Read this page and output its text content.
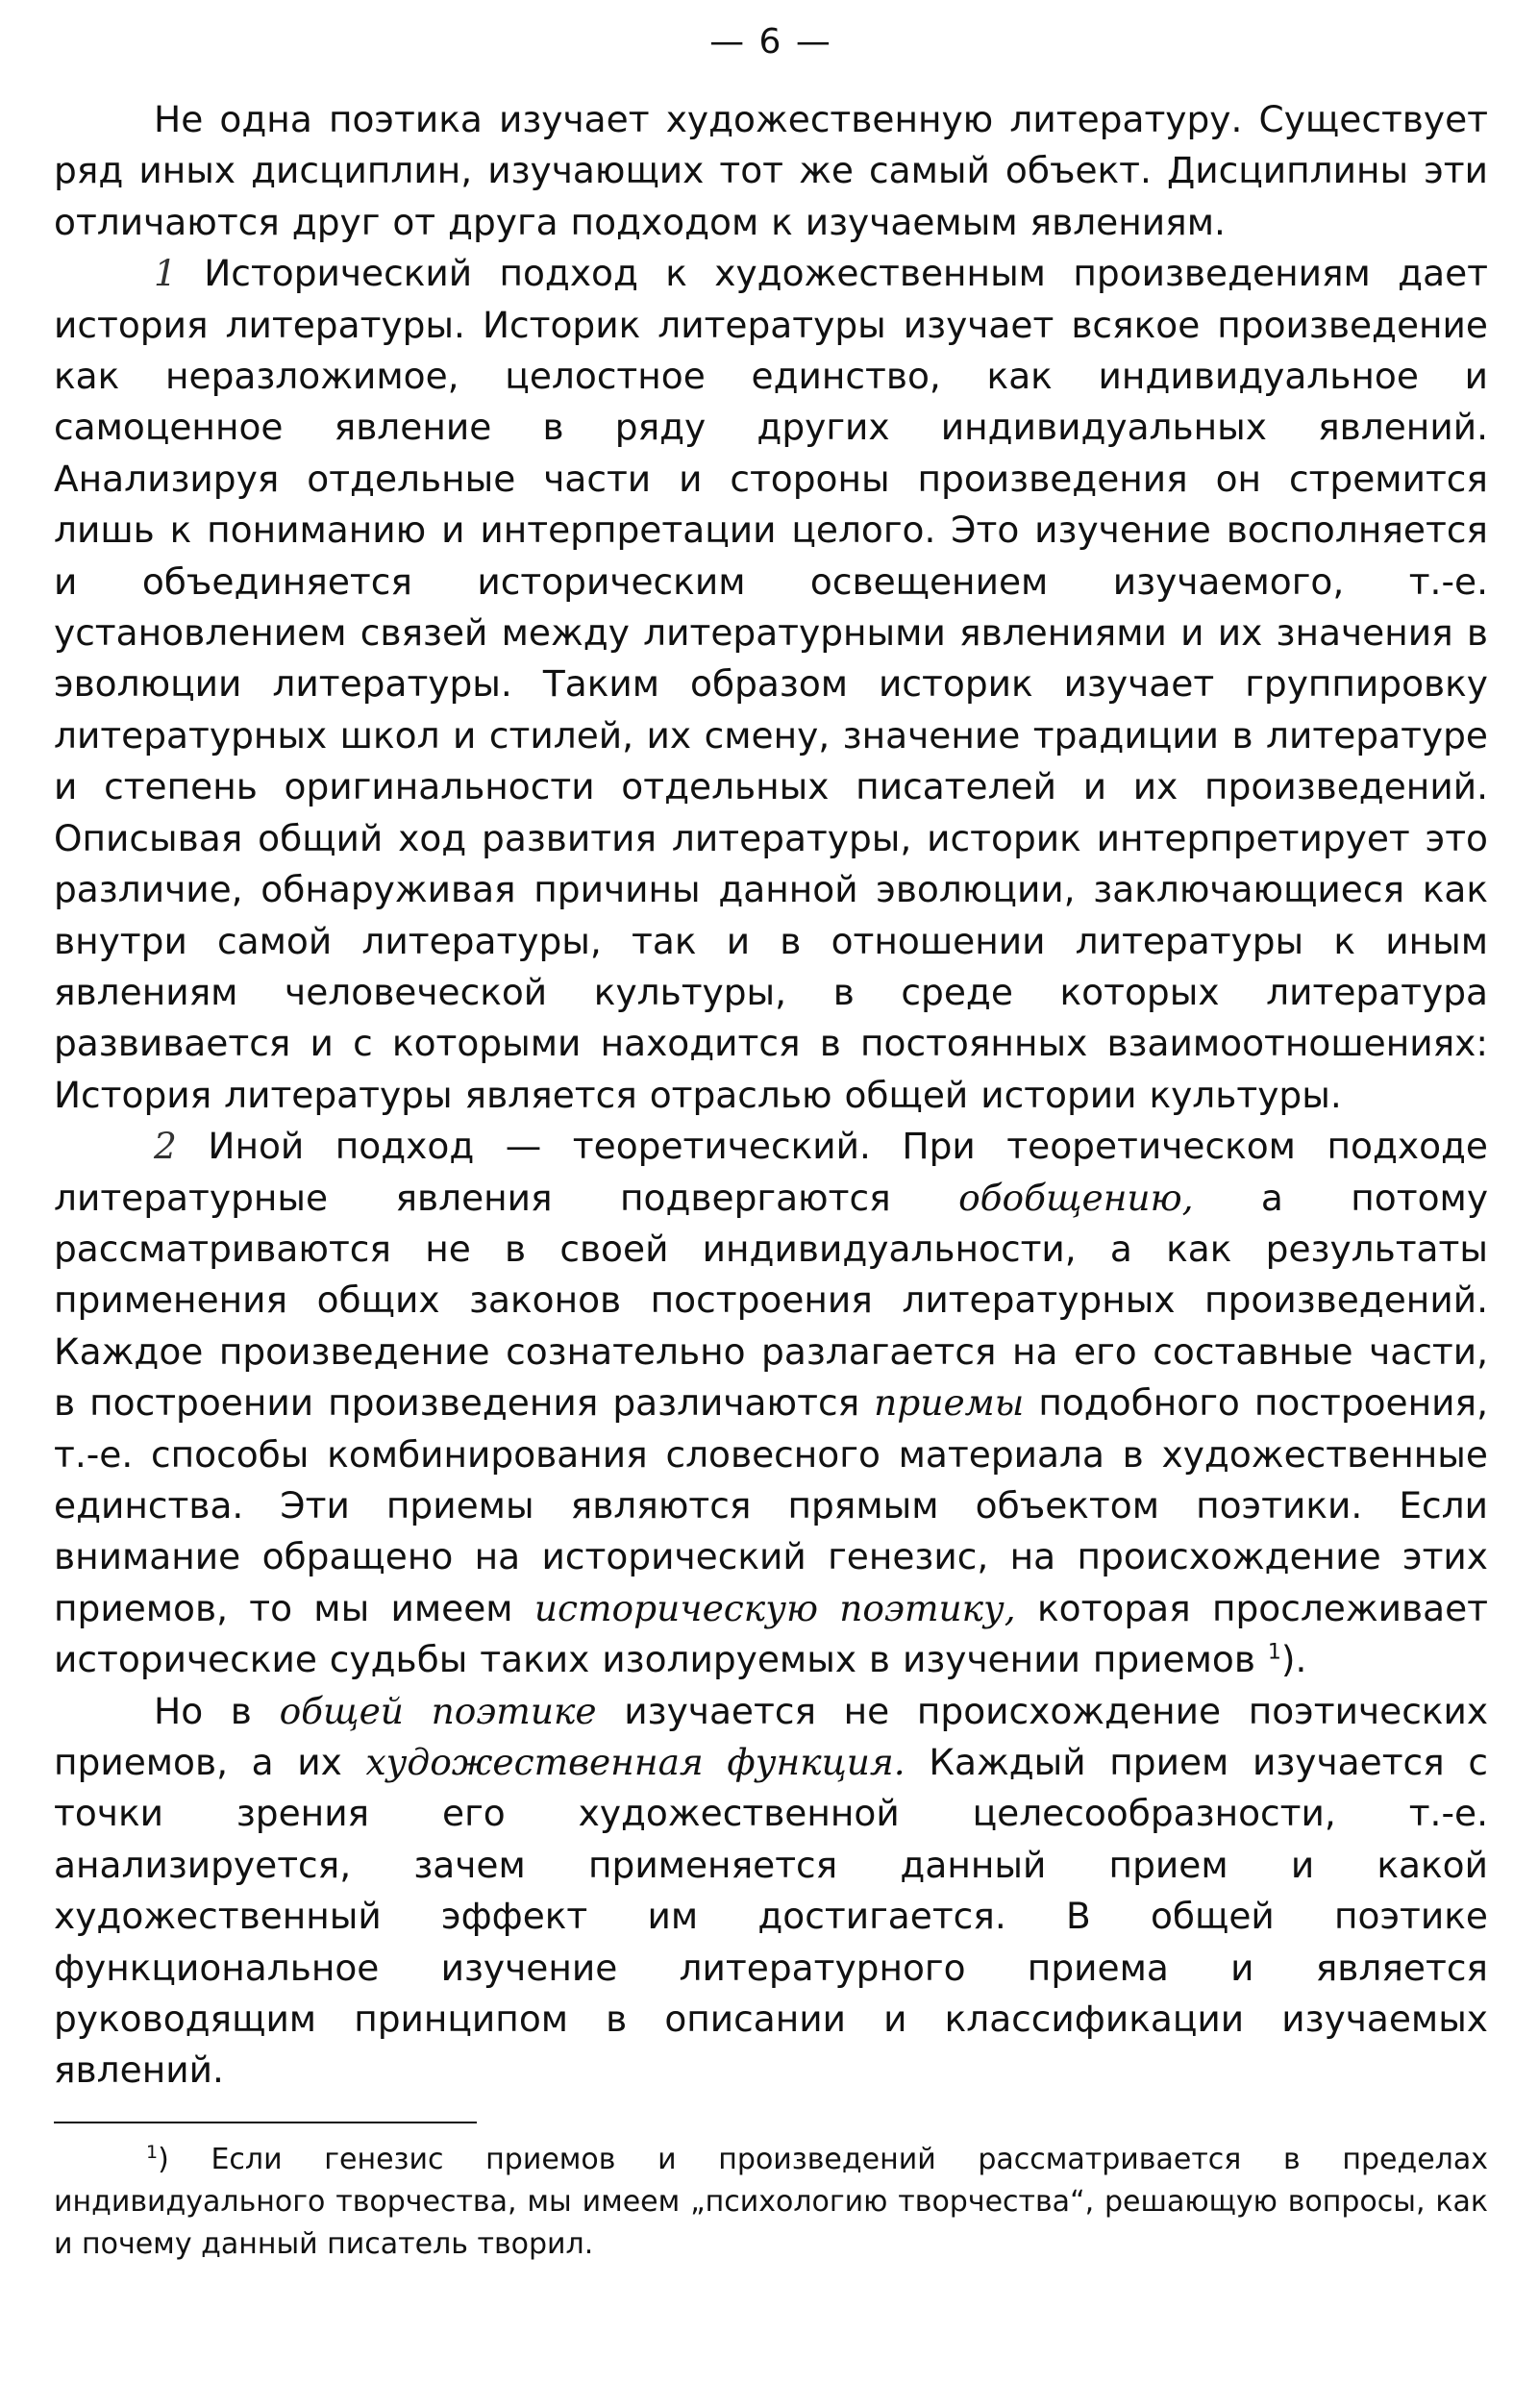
— 6 —

Не одна поэтика изучает художественную литературу. Существует ряд иных дисциплин, изучающих тот же самый объект. Дисциплины эти отличаются друг от друга подходом к изучаемым явлениям.

1 Исторический подход к художественным произведениям дает история литературы. Историк литературы изучает всякое произведение как неразложимое, целостное единство, как индивидуальное и самоценное явление в ряду других индивидуальных явлений. Анализируя отдельные части и стороны произведения он стремится лишь к пониманию и интерпретации целого. Это изучение восполняется и объединяется историческим освещением изучаемого, т.-е. установлением связей между литературными явлениями и их значения в эволюции литературы. Таким образом историк изучает группировку литературных школ и стилей, их смену, значение традиции в литературе и степень оригинальности отдельных писателей и их произведений. Описывая общий ход развития литературы, историк интерпретирует это различие, обнаруживая причины данной эволюции, заключающиеся как внутри самой литературы, так и в отношении литературы к иным явлениям человеческой культуры, в среде которых литература развивается и с которыми находится в постоянных взаимоотношениях: История литературы является отраслью общей истории культуры.

2 Иной подход — теоретический. При теоретическом подходе литературные явления подвергаются обобщению, а потому рассматриваются не в своей индивидуальности, а как результаты применения общих законов построения литературных произведений. Каждое произведение сознательно разлагается на его составные части, в построении произведения различаются приемы подобного построения, т.-е. способы комбинирования словесного материала в художественные единства. Эти приемы являются прямым объектом поэтики. Если внимание обращено на исторический генезис, на происхождение этих приемов, то мы имеем историческую поэтику, которая прослеживает исторические судьбы таких изолируемых в изучении приемов $^1$).

Но в общей поэтике изучается не происхождение поэтических приемов, а их художественная функция. Каждый прием изучается с точки зрения его художественной целесообразности, т.-е. анализируется, зачем применяется данный прием и какой художественный эффект им достигается. В общей поэтике функциональное изучение литературного приема и является руководящим принципом в описании и классификации изучаемых явлений.

$^1$) Если генезис приемов и произведений рассматривается в пределах индивидуального творчества, мы имеем „психологию творчества“, решающую вопросы, как и почему данный писатель творил.
